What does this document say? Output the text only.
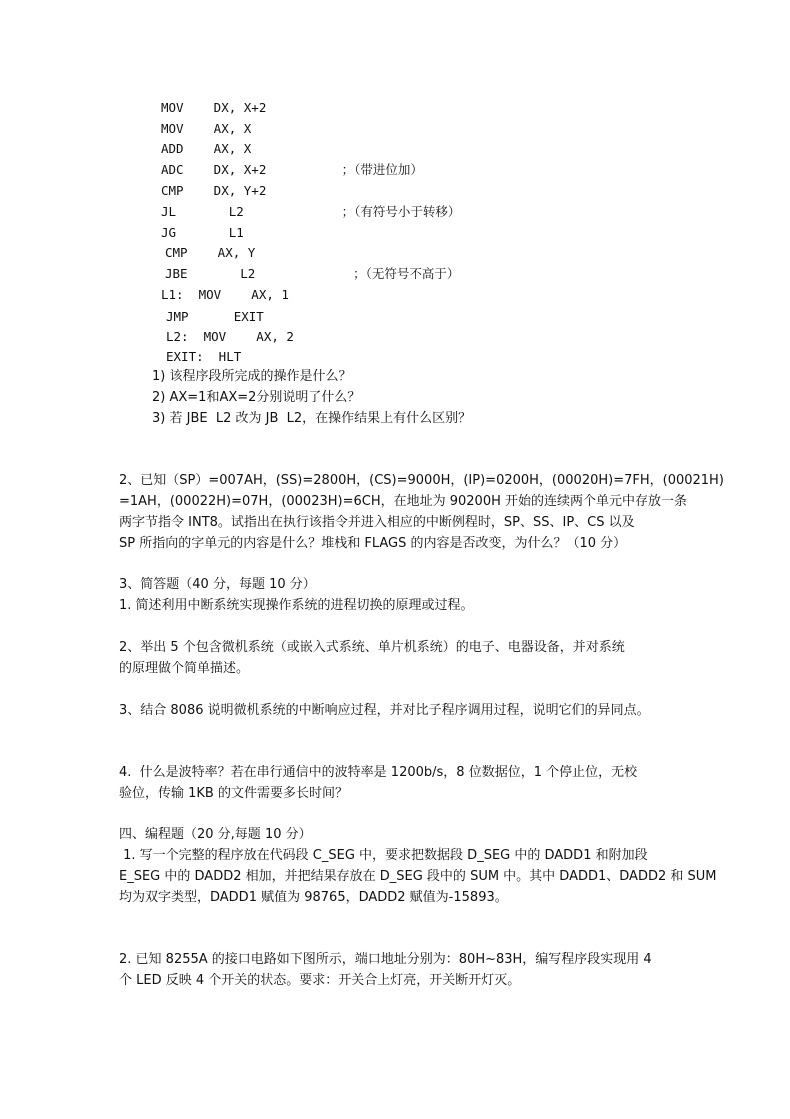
MOV    DX, X+2
MOV    AX, X
ADD    AX, X
ADC    DX, X+2          ；（带进位加）
CMP    DX, Y+2
JL       L2             ；（有符号小于转移）
JG       L1
CMP    AX, Y
JBE       L2             ；（无符号不高于）
L1:  MOV    AX, 1
JMP      EXIT
L2:  MOV    AX, 2
EXIT:  HLT
1) 该程序段所完成的操作是什么？
2) AX=1和AX=2分别说明了什么？
3) 若 JBE  L2 改为 JB  L2，在操作结果上有什么区别？
2、已知（SP）=007AH，(SS)=2800H，(CS)=9000H，(IP)=0200H，(00020H)=7FH，(00021H)
=1AH，(00022H)=07H，(00023H)=6CH，在地址为 90200H 开始的连续两个单元中存放一条
两字节指令 INT8。试指出在执行该指令并进入相应的中断例程时，SP、SS、IP、CS 以及
SP 所指向的字单元的内容是什么？堆栈和 FLAGS 的内容是否改变，为什么？（10 分）
3、简答题（40 分，每题 10 分）
1. 简述利用中断系统实现操作系统的进程切换的原理或过程。
2、举出 5 个包含微机系统（或嵌入式系统、单片机系统）的电子、电器设备，并对系统
的原理做个简单描述。
3、结合 8086 说明微机系统的中断响应过程，并对比子程序调用过程，说明它们的异同点。
4.  什么是波特率？若在串行通信中的波特率是 1200b/s，8 位数据位，1 个停止位，无校
验位，传输 1KB 的文件需要多长时间？
四、编程题（20 分,每题 10 分）
1. 写一个完整的程序放在代码段 C_SEG 中，要求把数据段 D_SEG 中的 DADD1 和附加段
E_SEG 中的 DADD2 相加，并把结果存放在 D_SEG 段中的 SUM 中。其中 DADD1、DADD2 和 SUM
均为双字类型，DADD1 赋值为 98765，DADD2 赋值为-15893。
2. 已知 8255A 的接口电路如下图所示，端口地址分别为：80H~83H，编写程序段实现用 4
个 LED 反映 4 个开关的状态。要求：开关合上灯亮，开关断开灯灭。
